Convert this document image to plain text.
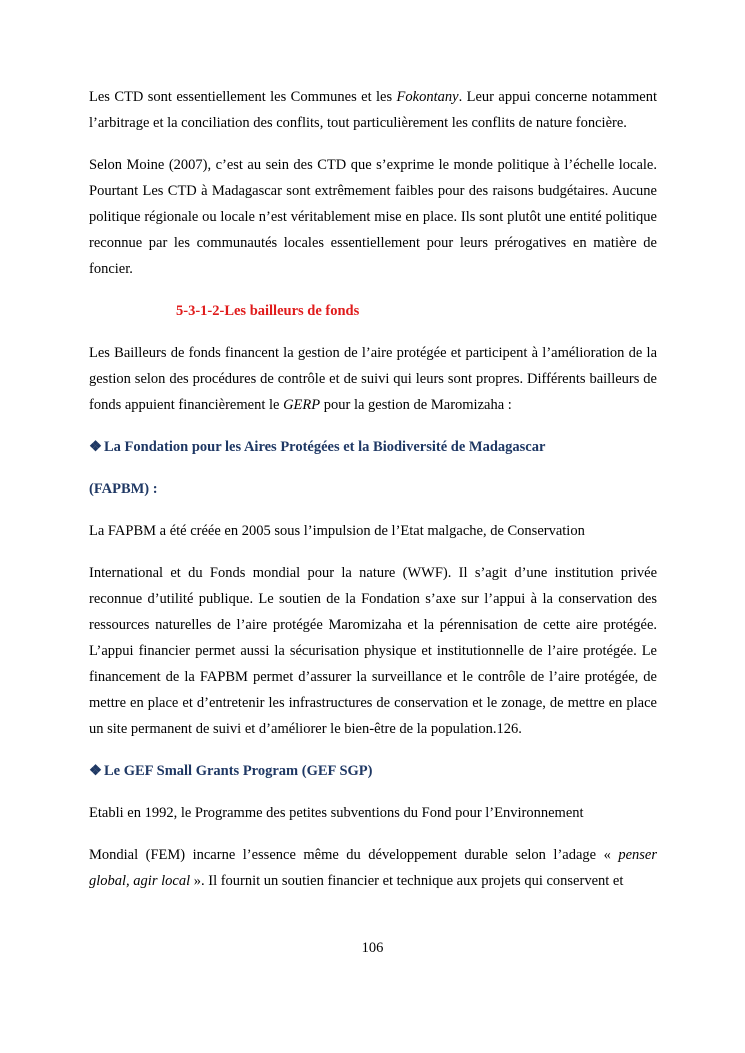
Les CTD sont essentiellement les Communes et les Fokontany. Leur appui concerne notamment l’arbitrage et la conciliation des conflits, tout particulièrement les conflits de nature foncière.

Selon Moine (2007), c’est au sein des CTD que s’exprime le monde politique à l’échelle locale. Pourtant Les CTD à Madagascar sont extrêmement faibles pour des raisons budgétaires. Aucune politique régionale ou locale n’est véritablement mise en place. Ils sont plutôt une entité politique reconnue par les communautés locales essentiellement pour leurs prérogatives en matière de foncier.

5-3-1-2-Les bailleurs de fonds

Les Bailleurs de fonds financent la gestion de l’aire protégée et participent à l’amélioration de la gestion selon des procédures de contrôle et de suivi qui leurs sont propres. Différents bailleurs de fonds appuient financièrement le GERP pour la gestion de Maromizaha :

❖ La Fondation pour les Aires Protégées et la Biodiversité de Madagascar
(FAPBM) :

La FAPBM a été créée en 2005 sous l’impulsion de l’Etat malgache, de Conservation

International et du Fonds mondial pour la nature (WWF). Il s’agit d’une institution privée reconnue d’utilité publique. Le soutien de la Fondation s’axe sur l’appui à la conservation des ressources naturelles de l’aire protégée Maromizaha et la pérennisation de cette aire protégée. L’appui financier permet aussi la sécurisation physique et institutionnelle de l’aire protégée. Le financement de la FAPBM permet d’assurer la surveillance et le contrôle de l’aire protégée, de mettre en place et d’entretenir les infrastructures de conservation et le zonage, de mettre en place un site permanent de suivi et d’améliorer le bien-être de la population.126.

❖ Le GEF Small Grants Program (GEF SGP)

Etabli en 1992, le Programme des petites subventions du Fond pour l’Environnement

Mondial (FEM) incarne l’essence même du développement durable selon l’adage « penser global, agir local ». Il fournit un soutien financier et technique aux projets qui conservent et

106
